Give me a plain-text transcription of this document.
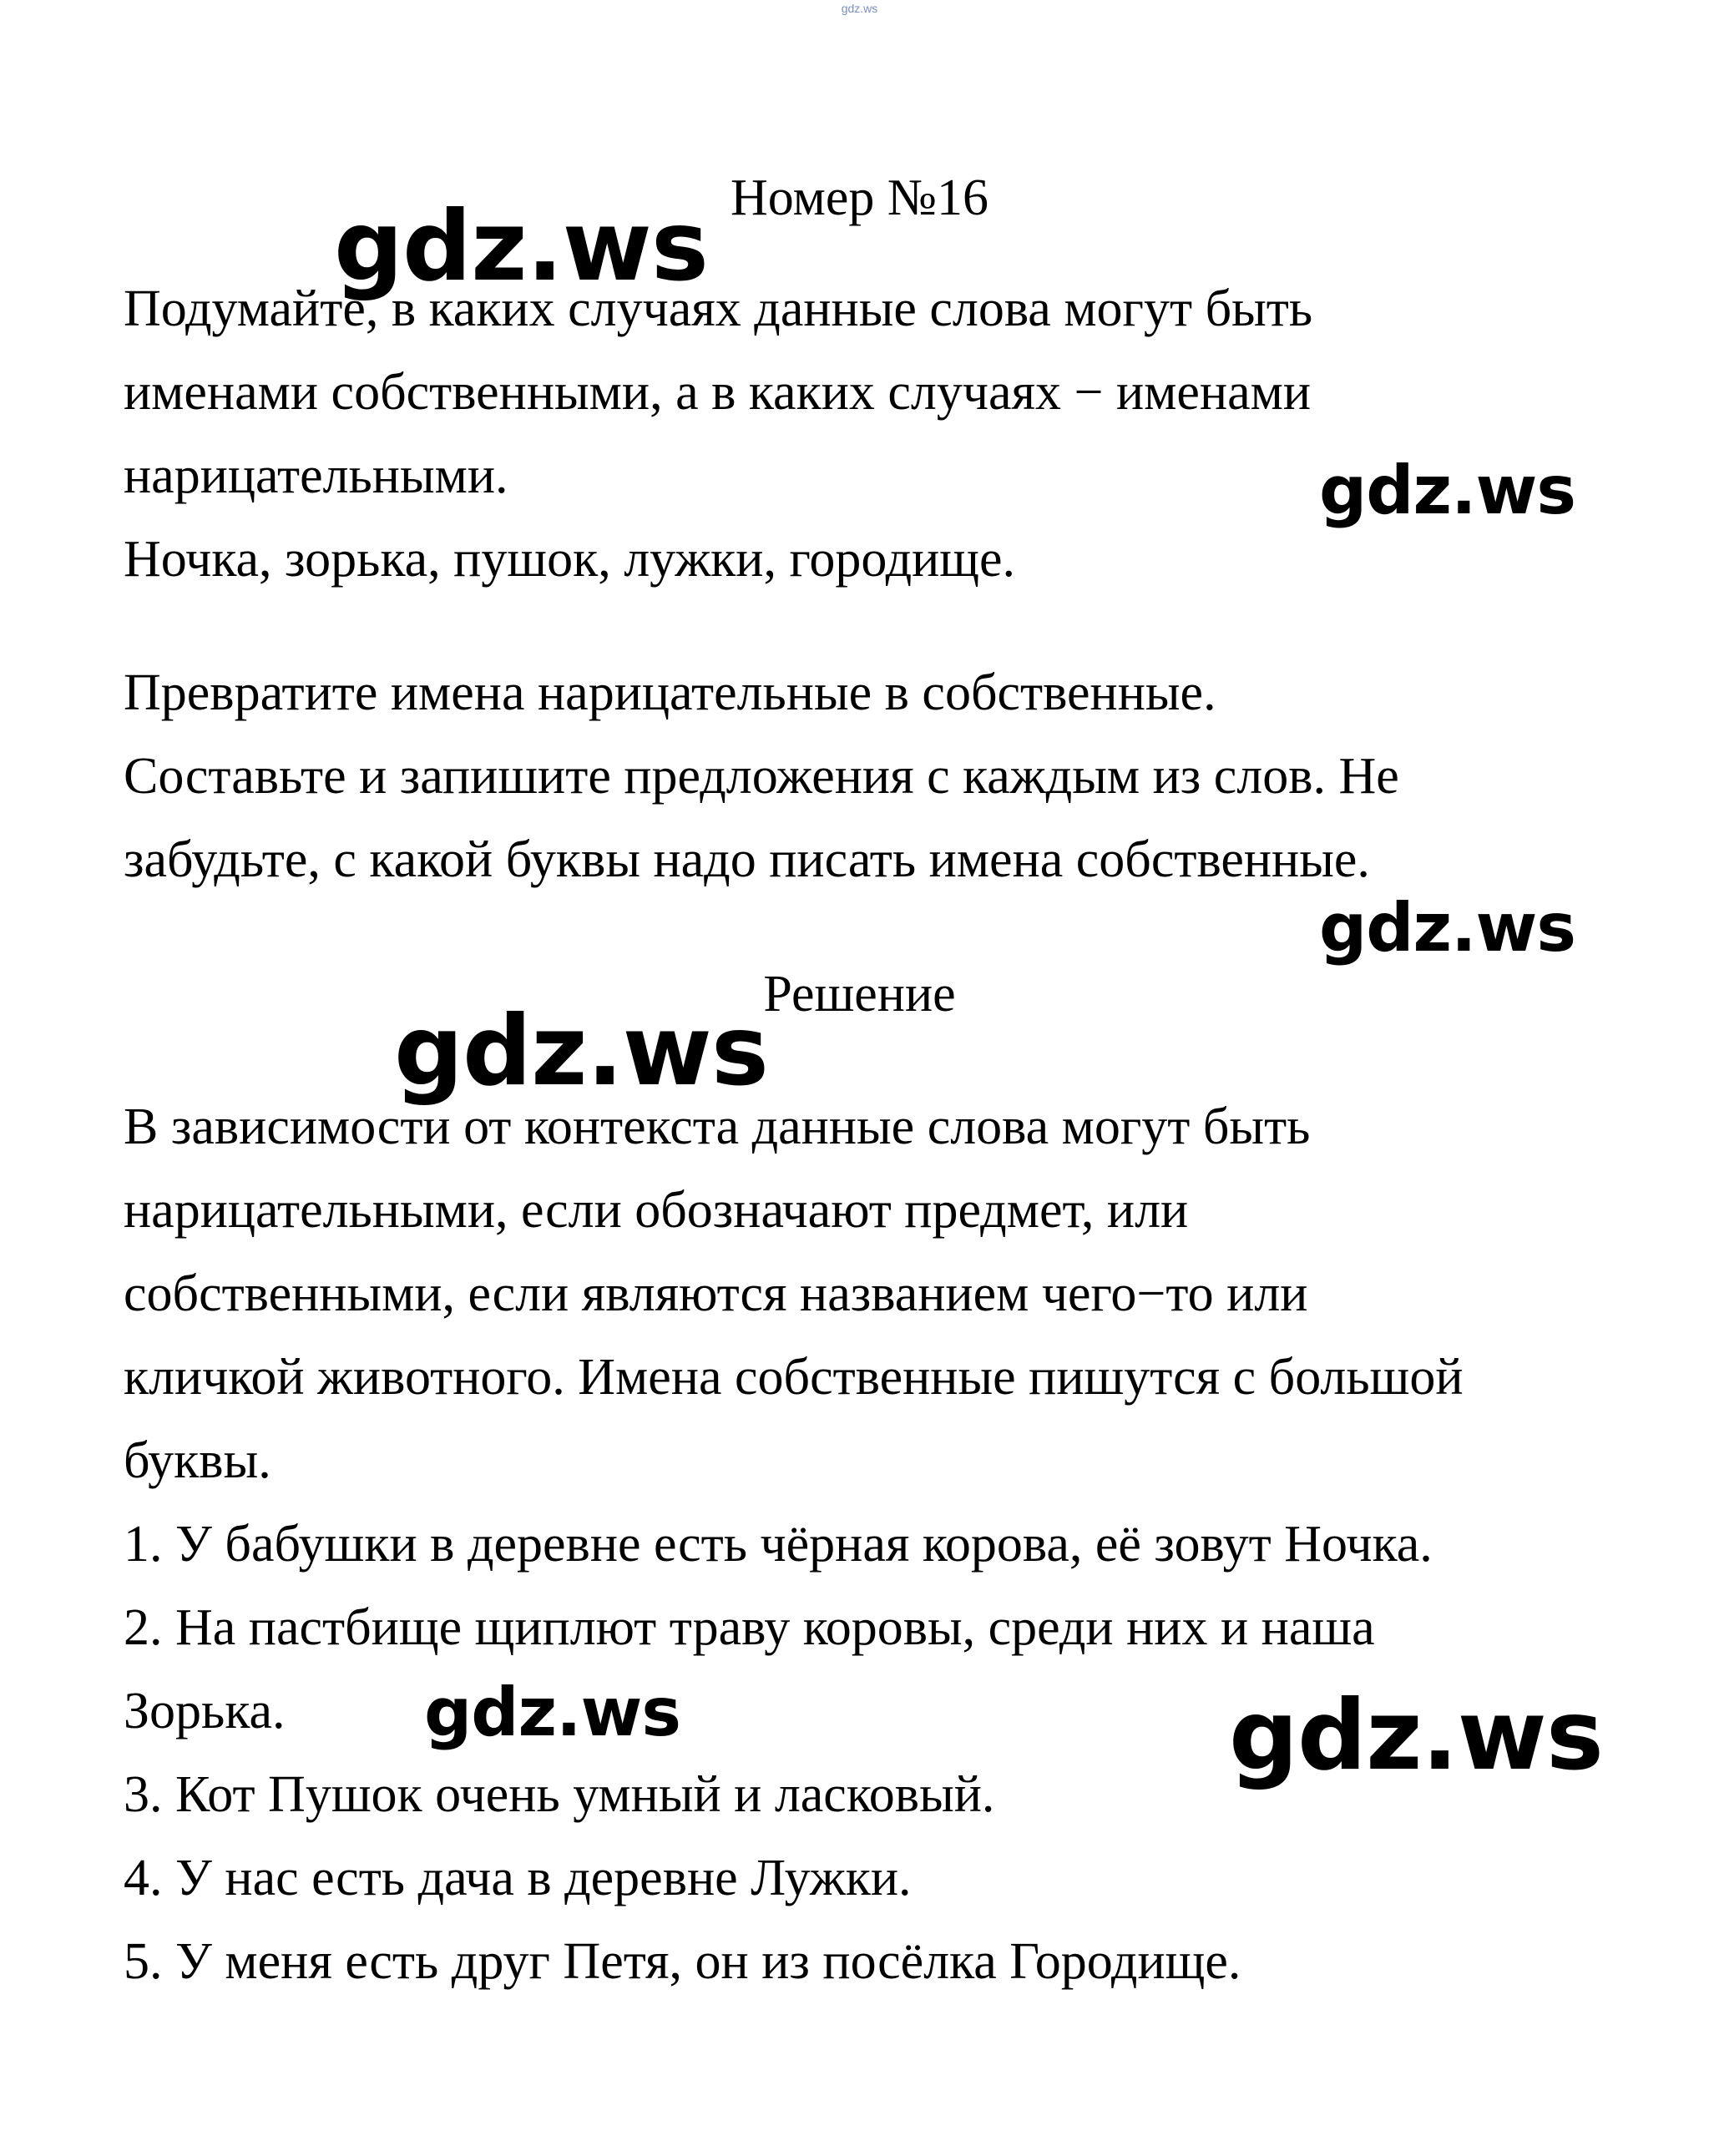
gdz.ws
Номер №16
Подумайте, в каких случаях данные слова могут быть
именами собственными, а в каких случаях − именами
нарицательными.
Ночка, зорька, пушок, лужки, городище.
Превратите имена нарицательные в собственные.
Составьте и запишите предложения с каждым из слов. Не
забудьте, с какой буквы надо писать имена собственные.
Решение
В зависимости от контекста данные слова могут быть
нарицательными, если обозначают предмет, или
собственными, если являются названием чего−то или
кличкой животного. Имена собственные пишутся с большой
буквы.
1. У бабушки в деревне есть чёрная корова, её зовут Ночка.
2. На пастбище щиплют траву коровы, среди них и наша
Зорька.
3. Кот Пушок очень умный и ласковый.
4. У нас есть дача в деревне Лужки.
5. У меня есть друг Петя, он из посёлка Городище.
gdz.ws
gdz.ws
gdz.ws
gdz.ws
gdz.ws	gdz.ws
